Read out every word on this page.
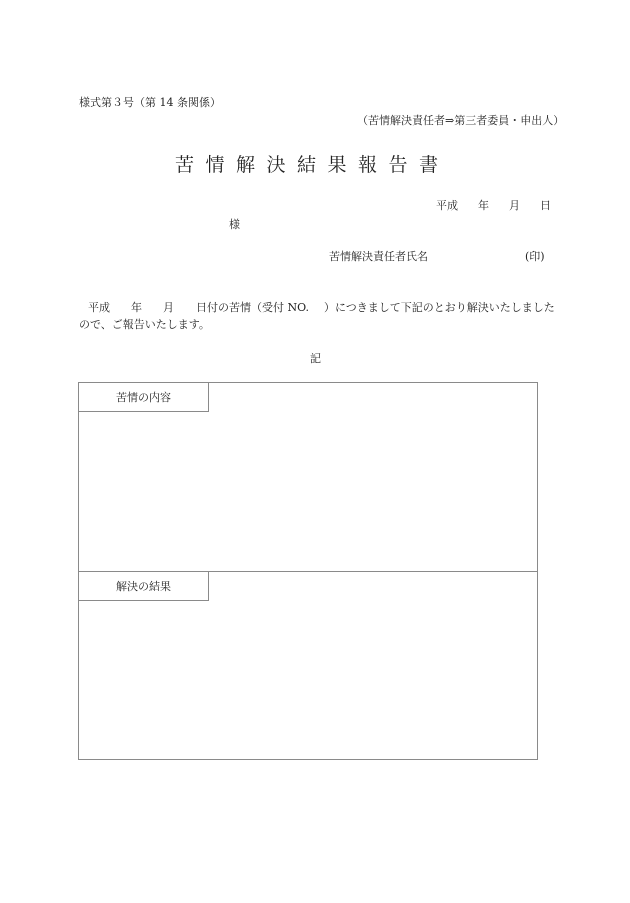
様式第３号（第 14 条関係）
（苦情解決責任者⇒第三者委員・申出人）
苦情解決結果報告書
平成 年 月 日
様
苦情解決責任者氏名	(印)
平成 年 月 日付の苦情（受付 NO. ）につきまして下記のとおり解決いたしました
ので、ご報告いたします。
記
苦情の内容
解決の結果
